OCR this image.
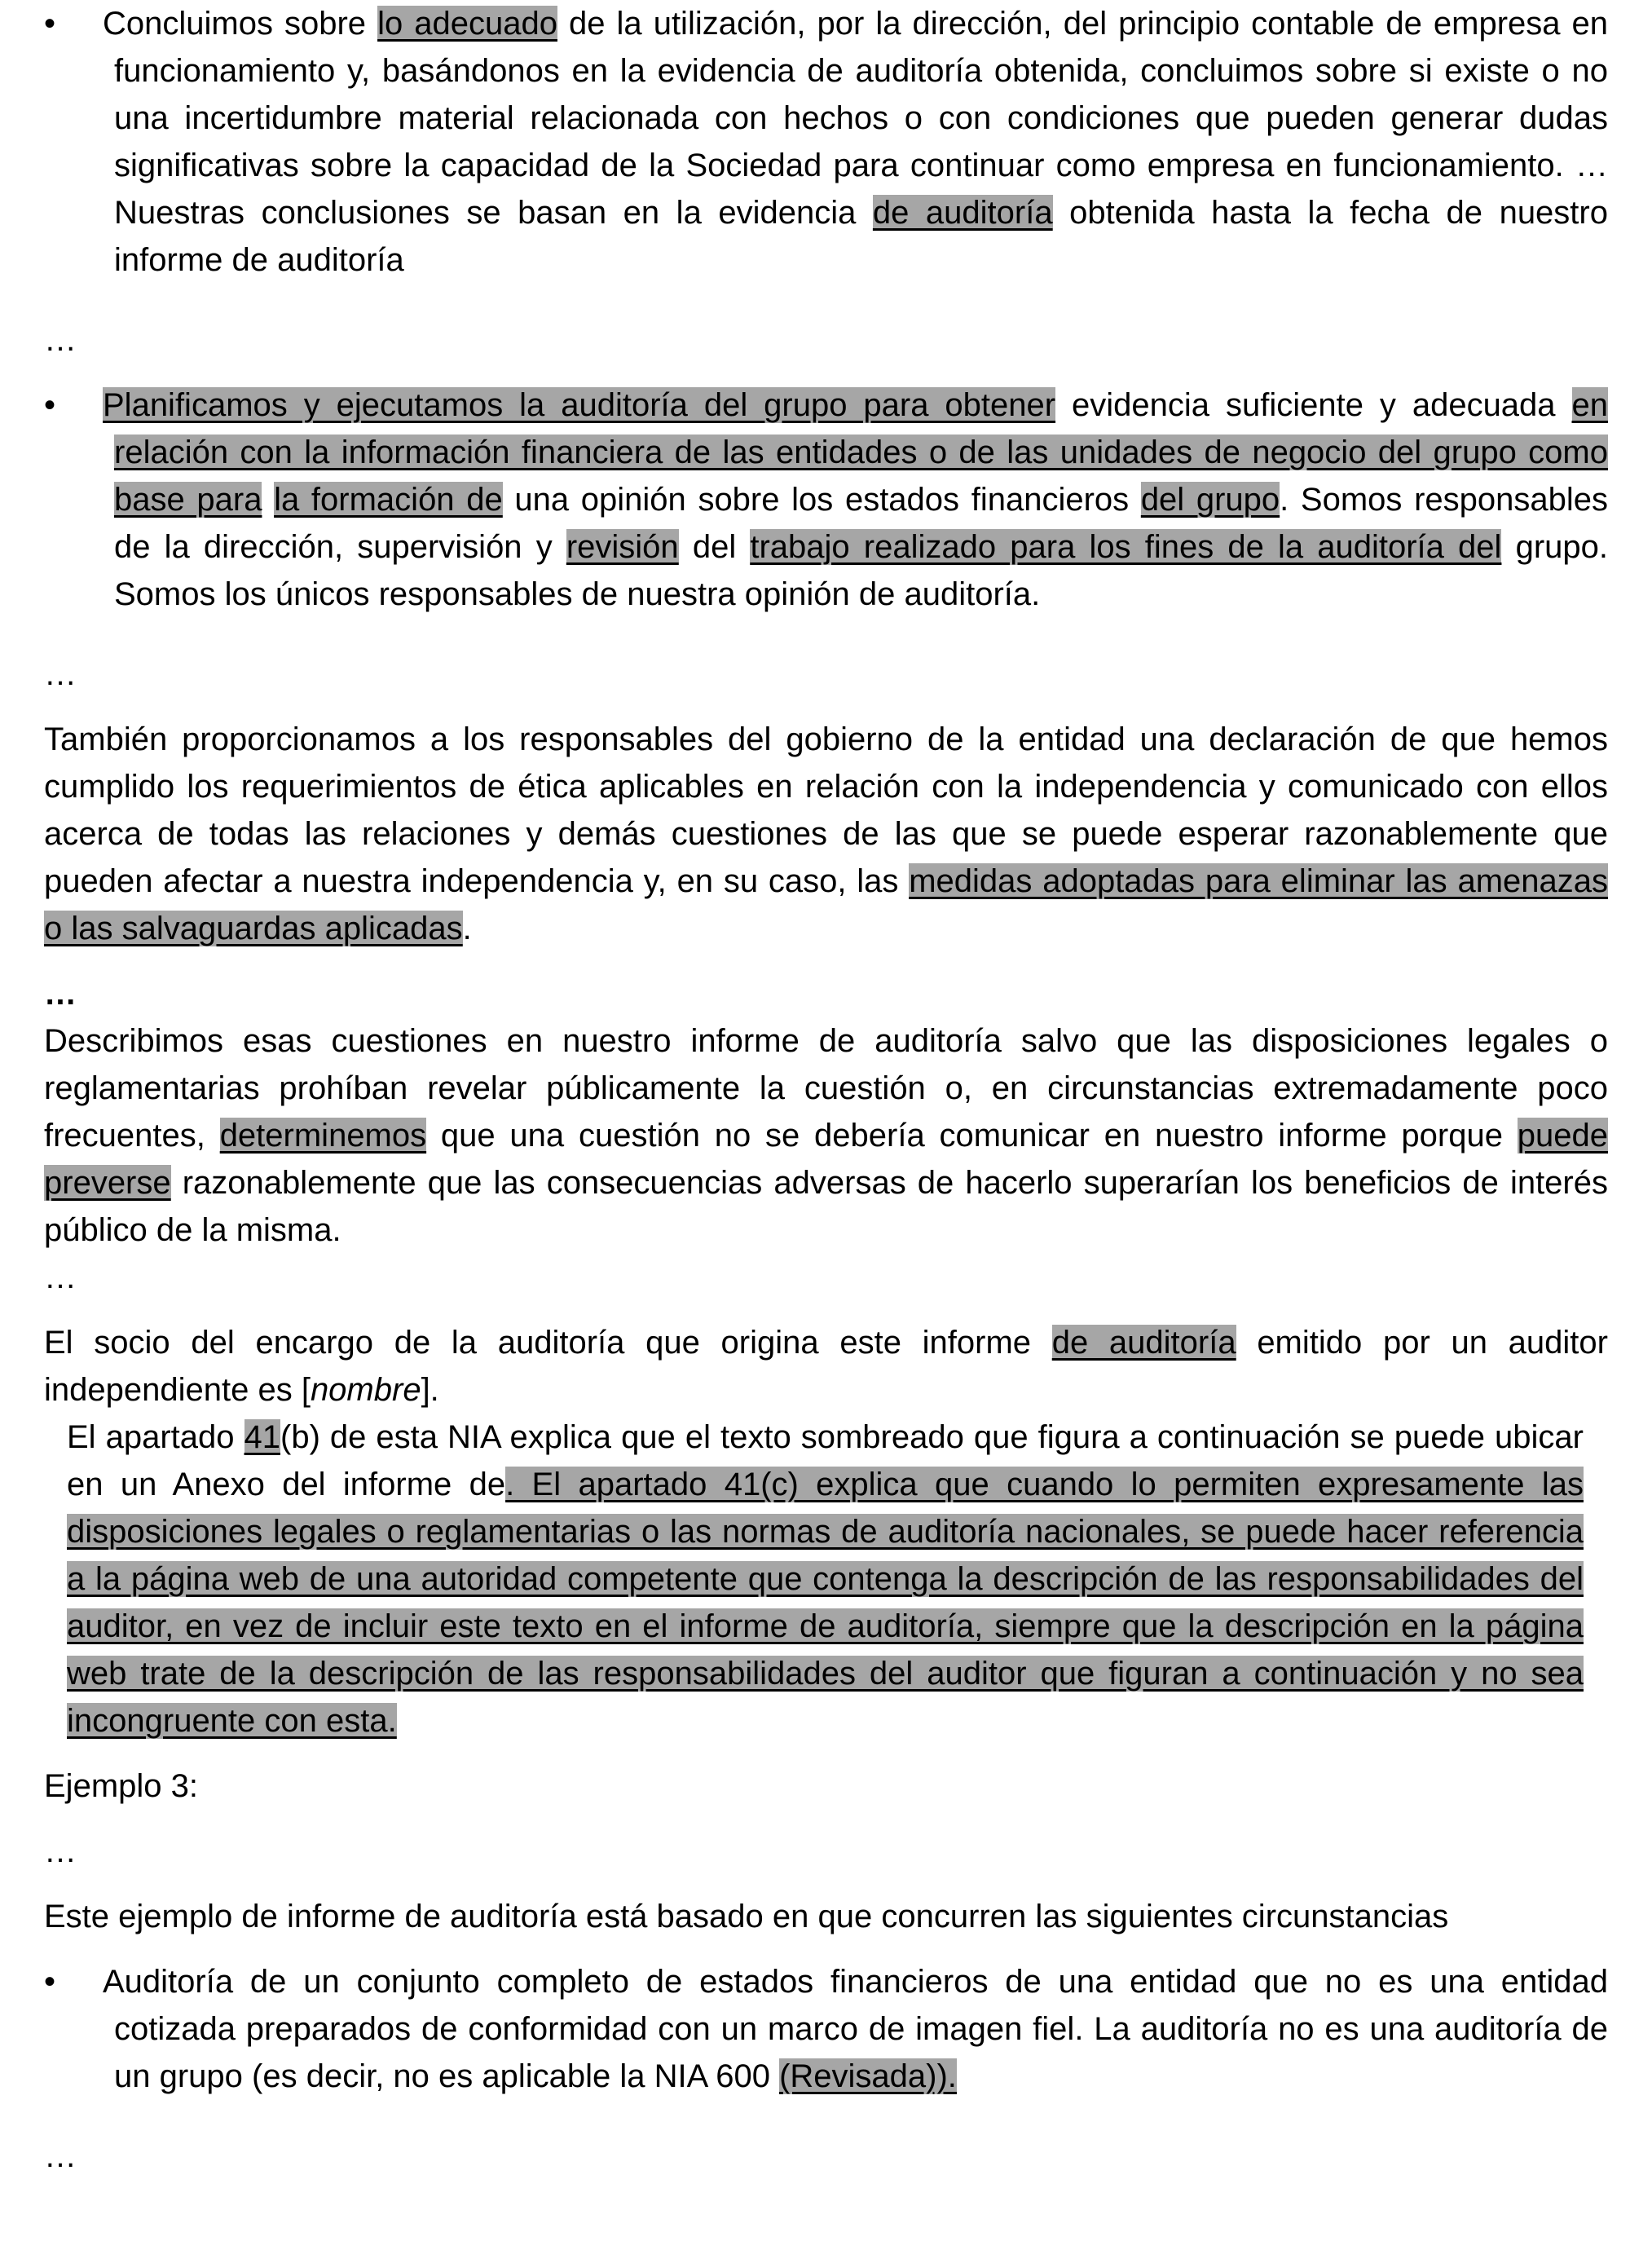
•	Concluimos sobre lo adecuado de la utilización, por la dirección, del principio contable de empresa en funcionamiento y, basándonos en la evidencia de auditoría obtenida, concluimos sobre si existe o no una incertidumbre material relacionada con hechos o con condiciones que pueden generar dudas significativas sobre la capacidad de la Sociedad para continuar como empresa en funcionamiento. … Nuestras conclusiones se basan en la evidencia de auditoría obtenida hasta la fecha de nuestro informe de auditoría

…

•	Planificamos y ejecutamos la auditoría del grupo para obtener evidencia suficiente y adecuada en relación con la información financiera de las entidades o de las unidades de negocio del grupo como base para la formación de una opinión sobre los estados financieros del grupo. Somos responsables de la dirección, supervisión y revisión del trabajo realizado para los fines de la auditoría del grupo. Somos los únicos responsables de nuestra opinión de auditoría.

…

También proporcionamos a los responsables del gobierno de la entidad una declaración de que hemos cumplido los requerimientos de ética aplicables en relación con la independencia y comunicado con ellos acerca de todas las relaciones y demás cuestiones de las que se puede esperar razonablemente que pueden afectar a nuestra independencia y, en su caso, las medidas adoptadas para eliminar las amenazas o las salvaguardas aplicadas.

…

Describimos esas cuestiones en nuestro informe de auditoría salvo que las disposiciones legales o reglamentarias prohíban revelar públicamente la cuestión o, en circunstancias extremadamente poco frecuentes, determinemos que una cuestión no se debería comunicar en nuestro informe porque puede preverse razonablemente que las consecuencias adversas de hacerlo superarían los beneficios de interés público de la misma.

…

El socio del encargo de la auditoría que origina este informe de auditoría emitido por un auditor independiente es [nombre].

El apartado 41(b) de esta NIA explica que el texto sombreado que figura a continuación se puede ubicar en un Anexo del informe de. El apartado 41(c) explica que cuando lo permiten expresamente las disposiciones legales o reglamentarias o las normas de auditoría nacionales, se puede hacer referencia a la página web de una autoridad competente que contenga la descripción de las responsabilidades del auditor, en vez de incluir este texto en el informe de auditoría, siempre que la descripción en la página web trate de la descripción de las responsabilidades del auditor que figuran a continuación y no sea incongruente con esta.

Ejemplo 3:

…

Este ejemplo de informe de auditoría está basado en que concurren las siguientes circunstancias

•	Auditoría de un conjunto completo de estados financieros de una entidad que no es una entidad cotizada preparados de conformidad con un marco de imagen fiel. La auditoría no es una auditoría de un grupo (es decir, no es aplicable la NIA 600 (Revisada)).

…
